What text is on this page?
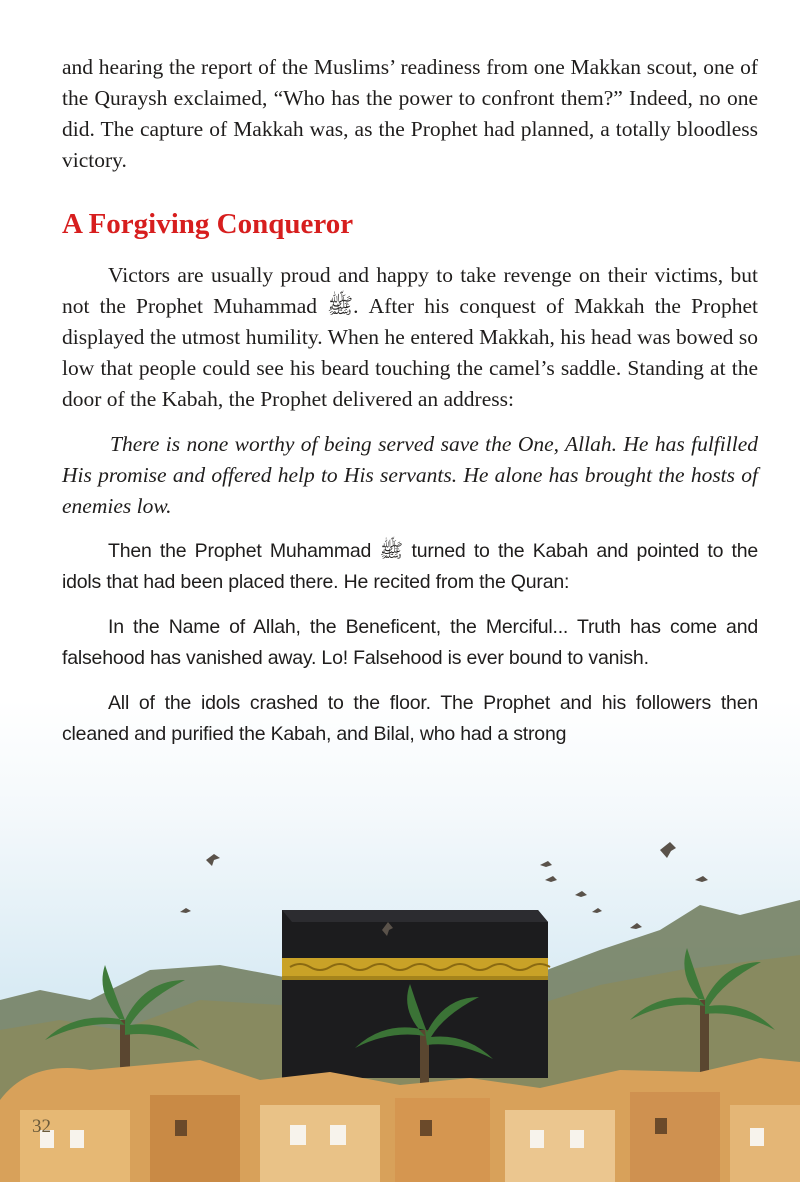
and hearing the report of the Muslims’ readiness from one Makkan scout, one of the Quraysh exclaimed, “Who has the power to confront them?” Indeed, no one did. The capture of Makkah was, as the Prophet had planned, a totally bloodless victory.

A Forgiving Conqueror

Victors are usually proud and happy to take revenge on their victims, but not the Prophet Muhammad ﷺ. After his conquest of Makkah the Prophet displayed the utmost humility. When he entered Makkah, his head was bowed so low that people could see his beard touching the camel’s saddle. Standing at the door of the Kabah, the Prophet delivered an address:

There is none worthy of being served save the One, Allah. He has fulfilled His promise and offered help to His servants. He alone has brought the hosts of enemies low.

Then the Prophet Muhammad ﷺ turned to the Kabah and pointed to the idols that had been placed there. He recited from the Quran:

In the Name of Allah, the Beneficent, the Merciful... Truth has come and falsehood has vanished away. Lo! Falsehood is ever bound to vanish.

All of the idols crashed to the floor. The Prophet and his followers then cleaned and purified the Kabah, and Bilal, who had a strong

32
